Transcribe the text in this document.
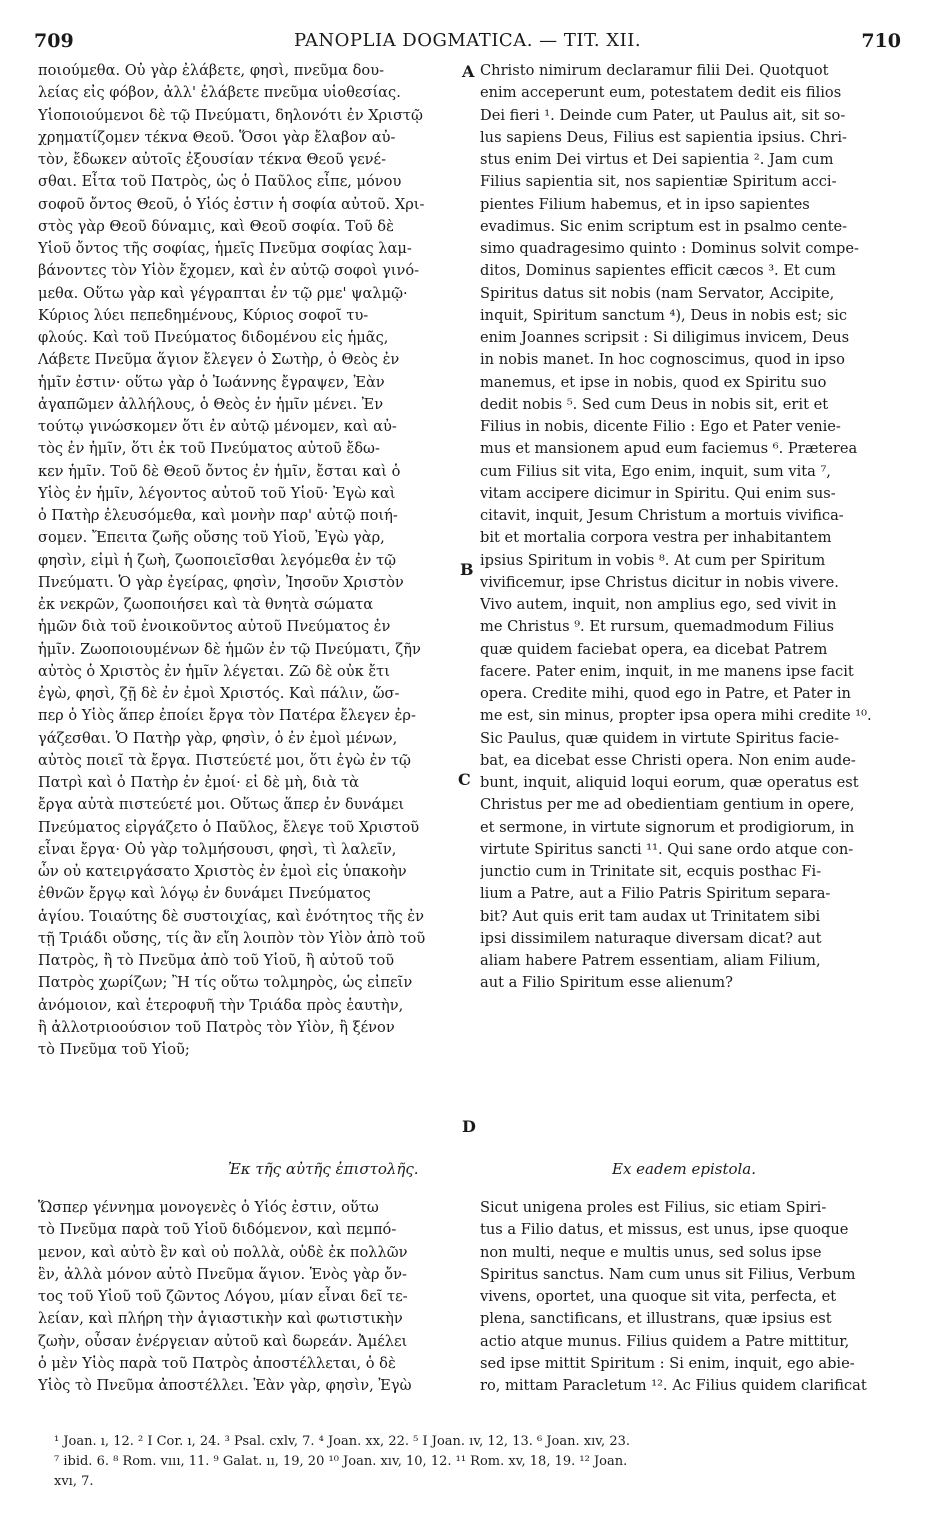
709	PANOPLIA DOGMATICA. — TIT. XII.	710
A
B
C
D
ποιούμεθα. Οὐ γὰρ ἐλάβετε, φησὶ, πνεῦμα δου-
λείας εἰς φόβον, ἀλλ' ἐλάβετε πνεῦμα υἱοθεσίας.
Υἱοποιούμενοι δὲ τῷ Πνεύματι, δηλονότι ἐν Χριστῷ
χρηματίζομεν τέκνα Θεοῦ. Ὅσοι γὰρ ἔλαβον αὐ-
τὸν, ἔδωκεν αὐτοῖς ἐξουσίαν τέκνα Θεοῦ γενέ-
σθαι. Εἶτα τοῦ Πατρὸς, ὡς ὁ Παῦλος εἶπε, μόνου
σοφοῦ ὄντος Θεοῦ, ὁ Υἱός ἐστιν ἡ σοφία αὐτοῦ. Χρι-
στὸς γὰρ Θεοῦ δύναμις, καὶ Θεοῦ σοφία. Τοῦ δὲ
Υἱοῦ ὄντος τῆς σοφίας, ἡμεῖς Πνεῦμα σοφίας λαμ-
βάνοντες τὸν Υἱὸν ἔχομεν, καὶ ἐν αὐτῷ σοφοὶ γινό-
μεθα. Οὕτω γὰρ καὶ γέγραπται ἐν τῷ ρμε' ψαλμῷ·
Κύριος λύει πεπεδημένους, Κύριος σοφοῖ τυ-
φλούς. Καὶ τοῦ Πνεύματος διδομένου εἰς ἡμᾶς,
Λάβετε Πνεῦμα ἅγιον ἔλεγεν ὁ Σωτὴρ, ὁ Θεὸς ἐν
ἡμῖν ἐστιν· οὕτω γὰρ ὁ Ἰωάννης ἔγραψεν, Ἐὰν
ἀγαπῶμεν ἀλλήλους, ὁ Θεὸς ἐν ἡμῖν μένει. Ἐν
τούτῳ γινώσκομεν ὅτι ἐν αὐτῷ μένομεν, καὶ αὐ-
τὸς ἐν ἡμῖν, ὅτι ἐκ τοῦ Πνεύματος αὐτοῦ ἔδω-
κεν ἡμῖν. Τοῦ δὲ Θεοῦ ὄντος ἐν ἡμῖν, ἔσται καὶ ὁ
Υἱὸς ἐν ἡμῖν, λέγοντος αὐτοῦ τοῦ Υἱοῦ· Ἐγὼ καὶ
ὁ Πατὴρ ἐλευσόμεθα, καὶ μονὴν παρ' αὐτῷ ποιή-
σομεν. Ἔπειτα ζωῆς οὔσης τοῦ Υἱοῦ, Ἐγὼ γὰρ,
φησὶν, εἰμὶ ἡ ζωὴ, ζωοποιεῖσθαι λεγόμεθα ἐν τῷ
Πνεύματι. Ὁ γὰρ ἐγείρας, φησὶν, Ἰησοῦν Χριστὸν
ἐκ νεκρῶν, ζωοποιήσει καὶ τὰ θνητὰ σώματα
ἡμῶν διὰ τοῦ ἐνοικοῦντος αὐτοῦ Πνεύματος ἐν
ἡμῖν. Ζωοποιουμένων δὲ ἡμῶν ἐν τῷ Πνεύματι, ζῆν
αὐτὸς ὁ Χριστὸς ἐν ἡμῖν λέγεται. Ζῶ δὲ οὐκ ἔτι
ἐγὼ, φησὶ, ζῇ δὲ ἐν ἐμοὶ Χριστός. Καὶ πάλιν, ὥσ-
περ ὁ Υἱὸς ἅπερ ἐποίει ἔργα τὸν Πατέρα ἔλεγεν ἐρ-
γάζεσθαι. Ὁ Πατὴρ γὰρ, φησὶν, ὁ ἐν ἐμοὶ μένων,
αὐτὸς ποιεῖ τὰ ἔργα. Πιστεύετέ μοι, ὅτι ἐγὼ ἐν τῷ
Πατρὶ καὶ ὁ Πατὴρ ἐν ἐμοί· εἰ δὲ μὴ, διὰ τὰ
ἔργα αὐτὰ πιστεύετέ μοι. Οὕτως ἅπερ ἐν δυνάμει
Πνεύματος εἰργάζετο ὁ Παῦλος, ἔλεγε τοῦ Χριστοῦ
εἶναι ἔργα· Οὐ γὰρ τολμήσουσι, φησὶ, τὶ λαλεῖν,
ὧν οὐ κατειργάσατο Χριστὸς ἐν ἐμοὶ εἰς ὑπακοὴν
ἐθνῶν ἔργῳ καὶ λόγῳ ἐν δυνάμει Πνεύματος
ἁγίου. Τοιαύτης δὲ συστοιχίας, καὶ ἑνότητος τῆς ἐν
τῇ Τριάδι οὔσης, τίς ἂν εἴη λοιπὸν τὸν Υἱὸν ἀπὸ τοῦ
Πατρὸς, ἢ τὸ Πνεῦμα ἀπὸ τοῦ Υἱοῦ, ἢ αὐτοῦ τοῦ
Πατρὸς χωρίζων; Ἢ τίς οὕτω τολμηρὸς, ὡς εἰπεῖν
ἀνόμοιον, καὶ ἑτεροφυῆ τὴν Τριάδα πρὸς ἑαυτὴν,
ἢ ἀλλοτριοούσιον τοῦ Πατρὸς τὸν Υἱὸν, ἢ ξένον
τὸ Πνεῦμα τοῦ Υἱοῦ;
Christo nimirum declaramur filii Dei. Quotquot
enim acceperunt eum, potestatem dedit eis filios
Dei fieri ¹. Deinde cum Pater, ut Paulus ait, sit so-
lus sapiens Deus, Filius est sapientia ipsius. Chri-
stus enim Dei virtus et Dei sapientia ². Jam cum
Filius sapientia sit, nos sapientiæ Spiritum acci-
pientes Filium habemus, et in ipso sapientes
evadimus. Sic enim scriptum est in psalmo cente-
simo quadragesimo quinto : Dominus solvit compe-
ditos, Dominus sapientes efficit cæcos ³. Et cum
Spiritus datus sit nobis (nam Servator, Accipite,
inquit, Spiritum sanctum ⁴), Deus in nobis est; sic
enim Joannes scripsit : Si diligimus invicem, Deus
in nobis manet. In hoc cognoscimus, quod in ipso
manemus, et ipse in nobis, quod ex Spiritu suo
dedit nobis ⁵. Sed cum Deus in nobis sit, erit et
Filius in nobis, dicente Filio : Ego et Pater venie-
mus et mansionem apud eum faciemus ⁶. Præterea
cum Filius sit vita, Ego enim, inquit, sum vita ⁷,
vitam accipere dicimur in Spiritu. Qui enim sus-
citavit, inquit, Jesum Christum a mortuis vivifica-
bit et mortalia corpora vestra per inhabitantem
ipsius Spiritum in vobis ⁸. At cum per Spiritum
vivificemur, ipse Christus dicitur in nobis vivere.
Vivo autem, inquit, non amplius ego, sed vivit in
me Christus ⁹. Et rursum, quemadmodum Filius
quæ quidem faciebat opera, ea dicebat Patrem
facere. Pater enim, inquit, in me manens ipse facit
opera. Credite mihi, quod ego in Patre, et Pater in
me est, sin minus, propter ipsa opera mihi credite ¹⁰.
Sic Paulus, quæ quidem in virtute Spiritus facie-
bat, ea dicebat esse Christi opera. Non enim aude-
bunt, inquit, aliquid loqui eorum, quæ operatus est
Christus per me ad obedientiam gentium in opere,
et sermone, in virtute signorum et prodigiorum, in
virtute Spiritus sancti ¹¹. Qui sane ordo atque con-
junctio cum in Trinitate sit, ecquis posthac Fi-
lium a Patre, aut a Filio Patris Spiritum separa-
bit? Aut quis erit tam audax ut Trinitatem sibi
ipsi dissimilem naturaque diversam dicat? aut
aliam habere Patrem essentiam, aliam Filium,
aut a Filio Spiritum esse alienum?
Ἐκ τῆς αὐτῆς ἐπιστολῆς.	Ex eadem epistola.
Ὥσπερ γέννημα μονογενὲς ὁ Υἱός ἐστιν, οὕτω
τὸ Πνεῦμα παρὰ τοῦ Υἱοῦ διδόμενον, καὶ πεμπό-
μενον, καὶ αὐτὸ ἓν καὶ οὐ πολλὰ, οὐδὲ ἐκ πολλῶν
ἓν, ἀλλὰ μόνον αὐτὸ Πνεῦμα ἅγιον. Ἑνὸς γὰρ ὄν-
τος τοῦ Υἱοῦ τοῦ ζῶντος Λόγου, μίαν εἶναι δεῖ τε-
λείαν, καὶ πλήρη τὴν ἁγιαστικὴν καὶ φωτιστικὴν
ζωὴν, οὖσαν ἐνέργειαν αὐτοῦ καὶ δωρεάν. Ἀμέλει
ὁ μὲν Υἱὸς παρὰ τοῦ Πατρὸς ἀποστέλλεται, ὁ δὲ
Υἱὸς τὸ Πνεῦμα ἀποστέλλει. Ἐὰν γὰρ, φησὶν, Ἐγὼ
Sicut unigena proles est Filius, sic etiam Spiri-
tus a Filio datus, et missus, est unus, ipse quoque
non multi, neque e multis unus, sed solus ipse
Spiritus sanctus. Nam cum unus sit Filius, Verbum
vivens, oportet, una quoque sit vita, perfecta, et
plena, sanctificans, et illustrans, quæ ipsius est
actio atque munus. Filius quidem a Patre mittitur,
sed ipse mittit Spiritum : Si enim, inquit, ego abie-
ro, mittam Paracletum ¹². Ac Filius quidem clarificat
¹ Joan. ı, 12. ² I Cor. ı, 24. ³ Psal. cxlv, 7. ⁴ Joan. xx, 22. ⁵ I Joan. ıv, 12, 13. ⁶ Joan. xıv, 23.
⁷ ibid. 6. ⁸ Rom. vııı, 11. ⁹ Galat. ıı, 19, 20 ¹⁰ Joan. xıv, 10, 12. ¹¹ Rom. xv, 18, 19. ¹² Joan.
xvı, 7.
